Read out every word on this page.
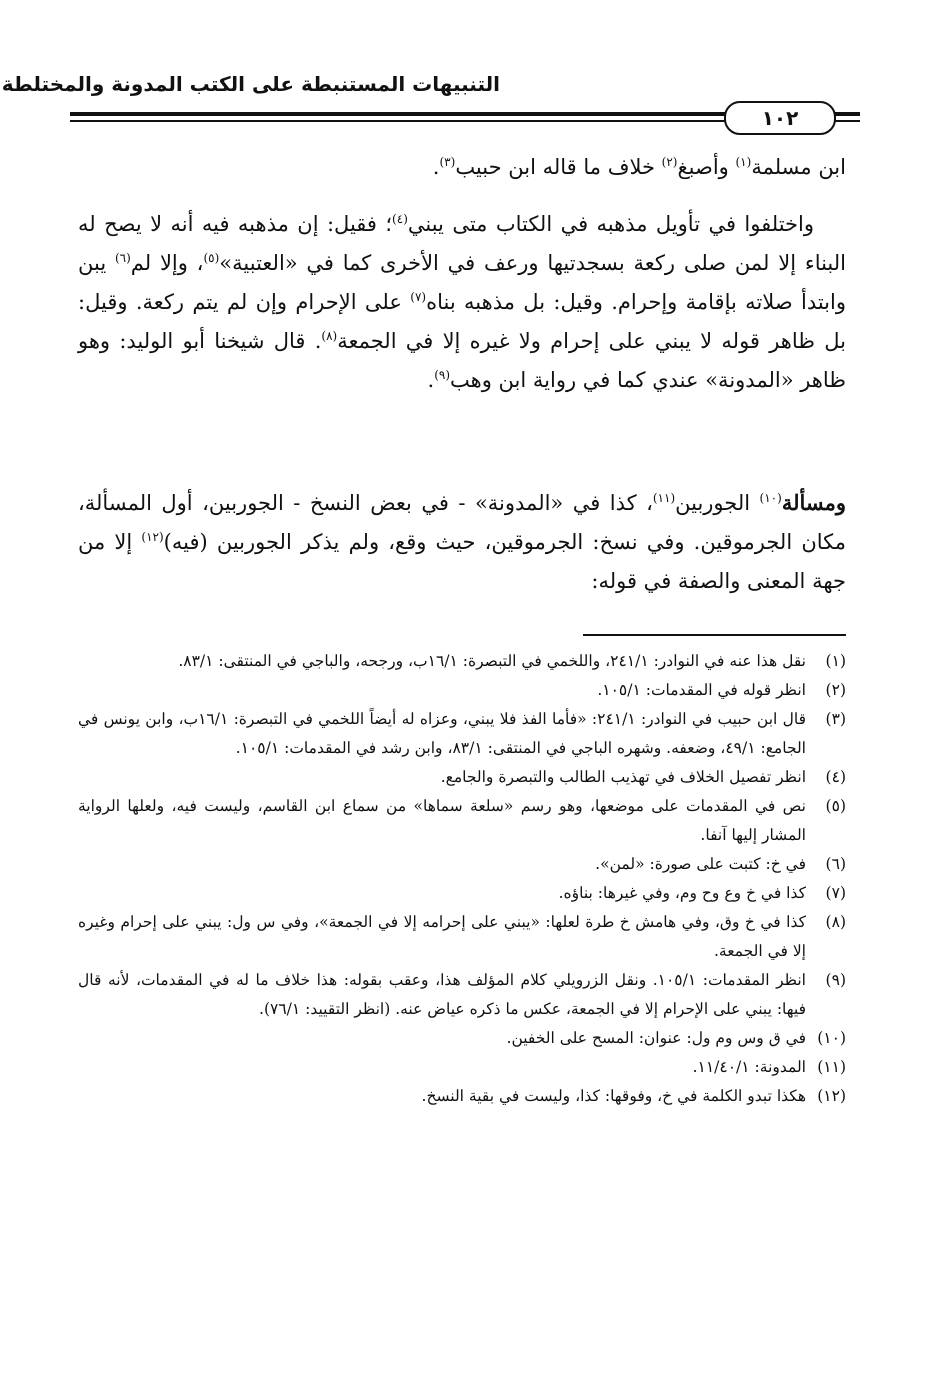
التنبيهات المستنبطة على الكتب المدونة والمختلطة
١٠٢

ابن مسلمة$^{(١)}$ وأصبغ$^{(٢)}$ خلاف ما قاله ابن حبيب$^{(٣)}$.

واختلفوا في تأويل مذهبه في الكتاب متى يبني$^{(٤)}$؛ فقيل: إن مذهبه فيه أنه لا يصح له البناء إلا لمن صلى ركعة بسجدتيها ورعف في الأخرى كما في «العتبية»$^{(٥)}$، وإلا لم$^{(٦)}$ يبن وابتدأ صلاته بإقامة وإحرام. وقيل: بل مذهبه بناه$^{(٧)}$ على الإحرام وإن لم يتم ركعة. وقيل: بل ظاهر قوله لا يبني على إحرام ولا غيره إلا في الجمعة$^{(٨)}$. قال شيخنا أبو الوليد: وهو ظاهر «المدونة» عندي كما في رواية ابن وهب$^{(٩)}$.

ومسألة$^{(١٠)}$ الجوربين$^{(١١)}$، كذا في «المدونة» - في بعض النسخ - الجوربين، أول المسألة، مكان الجرموقين. وفي نسخ: الجرموقين، حيث وقع، ولم يذكر الجوربين (فيه)$^{(١٢)}$ إلا من جهة المعنى والصفة في قوله:

(١)
نقل هذا عنه في النوادر: ٢٤١/١، واللخمي في التبصرة: ١٦/١ب، ورجحه، والباجي في المنتقى: ٨٣/١.
(٢)
انظر قوله في المقدمات: ١٠٥/١.
(٣)
قال ابن حبيب في النوادر: ٢٤١/١: «فأما الفذ فلا يبني، وعزاه له أيضاً اللخمي في التبصرة: ١٦/١ب، وابن يونس في الجامع: ٤٩/١، وضعفه. وشهره الباجي في المنتقى: ٨٣/١، وابن رشد في المقدمات: ١٠٥/١.
(٤)
انظر تفصيل الخلاف في تهذيب الطالب والتبصرة والجامع.
(٥)
نص في المقدمات على موضعها، وهو رسم «سلعة سماها» من سماع ابن القاسم، وليست فيه، ولعلها الرواية المشار إليها آنفا.
(٦)
في خ: كتبت على صورة: «لمن».
(٧)
كذا في خ وع وح وم، وفي غيرها: بناؤه.
(٨)
كذا في خ وق، وفي هامش خ طرة لعلها: «يبني على إحرامه إلا في الجمعة»، وفي س ول: يبني على إحرام وغيره إلا في الجمعة.
(٩)
انظر المقدمات: ١٠٥/١. ونقل الزرويلي كلام المؤلف هذا، وعقب بقوله: هذا خلاف ما له في المقدمات، لأنه قال فيها: يبني على الإحرام إلا في الجمعة، عكس ما ذكره عياض عنه. (انظر التقييد: ٧٦/١).
(١٠)
في ق وس وم ول: عنوان: المسح على الخفين.
(١١)
المدونة: ١١/٤٠/١.
(١٢)
هكذا تبدو الكلمة في خ، وفوقها: كذا، وليست في بقية النسخ.
